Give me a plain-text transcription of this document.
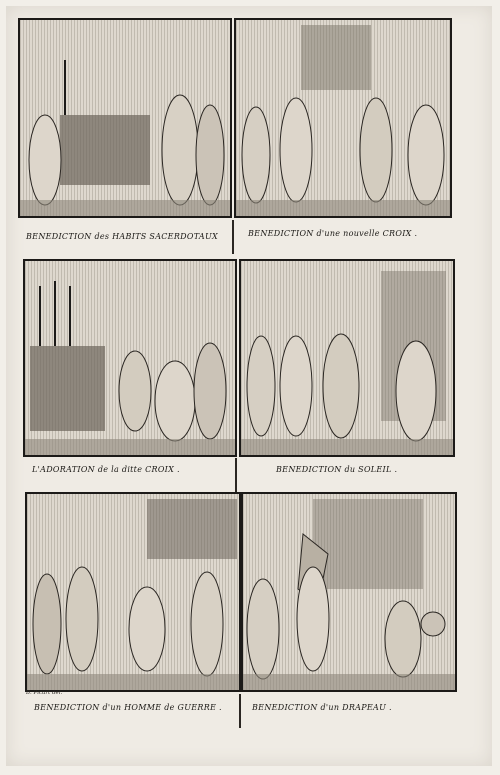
BENEDICTION des HABITS SACERDOTAUX	BENEDICTION d'une nouvelle CROIX .
L'ADORATION de la ditte CROIX .	BENEDICTION du SOLEIL .
B. Picart del.
BENEDICTION d'un HOMME de GUERRE .	BENEDICTION d'un DRAPEAU .
